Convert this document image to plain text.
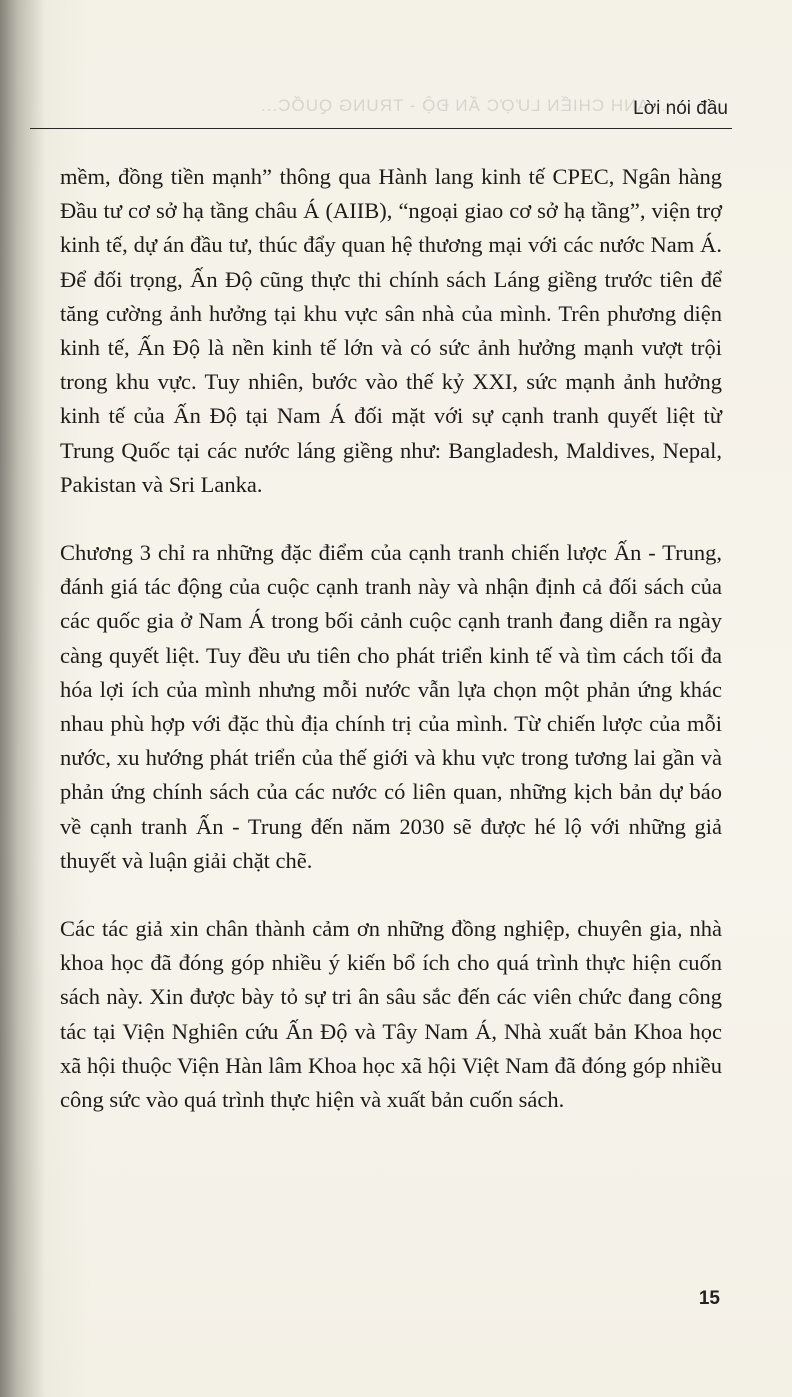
...ANH CHIẾN LƯỢC ẤN ĐỘ - TRUNG QUỐC...
Lời nói đầu

mềm, đồng tiền mạnh” thông qua Hành lang kinh tế CPEC, Ngân hàng Đầu tư cơ sở hạ tầng châu Á (AIIB), “ngoại giao cơ sở hạ tầng”, viện trợ kinh tế, dự án đầu tư, thúc đẩy quan hệ thương mại với các nước Nam Á. Để đối trọng, Ấn Độ cũng thực thi chính sách Láng giềng trước tiên để tăng cường ảnh hưởng tại khu vực sân nhà của mình. Trên phương diện kinh tế, Ấn Độ là nền kinh tế lớn và có sức ảnh hưởng mạnh vượt trội trong khu vực. Tuy nhiên, bước vào thế kỷ XXI, sức mạnh ảnh hưởng kinh tế của Ấn Độ tại Nam Á đối mặt với sự cạnh tranh quyết liệt từ Trung Quốc tại các nước láng giềng như: Bangladesh, Maldives, Nepal, Pakistan và Sri Lanka.

Chương 3 chỉ ra những đặc điểm của cạnh tranh chiến lược Ấn - Trung, đánh giá tác động của cuộc cạnh tranh này và nhận định cả đối sách của các quốc gia ở Nam Á trong bối cảnh cuộc cạnh tranh đang diễn ra ngày càng quyết liệt. Tuy đều ưu tiên cho phát triển kinh tế và tìm cách tối đa hóa lợi ích của mình nhưng mỗi nước vẫn lựa chọn một phản ứng khác nhau phù hợp với đặc thù địa chính trị của mình. Từ chiến lược của mỗi nước, xu hướng phát triển của thế giới và khu vực trong tương lai gần và phản ứng chính sách của các nước có liên quan, những kịch bản dự báo về cạnh tranh Ấn - Trung đến năm 2030 sẽ được hé lộ với những giả thuyết và luận giải chặt chẽ.

Các tác giả xin chân thành cảm ơn những đồng nghiệp, chuyên gia, nhà khoa học đã đóng góp nhiều ý kiến bổ ích cho quá trình thực hiện cuốn sách này. Xin được bày tỏ sự tri ân sâu sắc đến các viên chức đang công tác tại Viện Nghiên cứu Ấn Độ và Tây Nam Á, Nhà xuất bản Khoa học xã hội thuộc Viện Hàn lâm Khoa học xã hội Việt Nam đã đóng góp nhiều công sức vào quá trình thực hiện và xuất bản cuốn sách.

15
